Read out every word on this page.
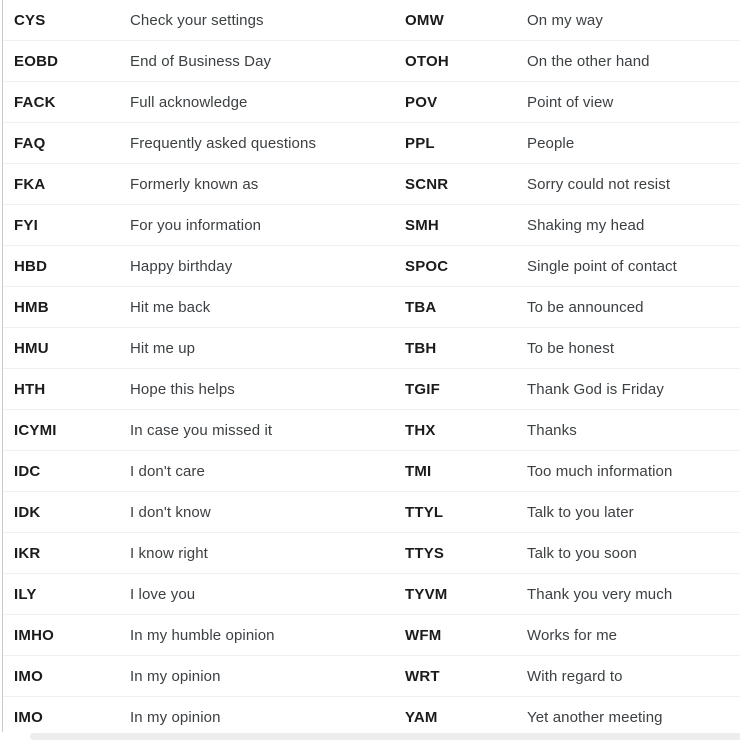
CYS	Check your settings	OMW	On my way
EOBD	End of Business Day	OTOH	On the other hand
FACK	Full acknowledge	POV	Point of view
FAQ	Frequently asked questions	PPL	People
FKA	Formerly known as	SCNR	Sorry could not resist
FYI	For you information	SMH	Shaking my head
HBD	Happy birthday	SPOC	Single point of contact
HMB	Hit me back	TBA	To be announced
HMU	Hit me up	TBH	To be honest
HTH	Hope this helps	TGIF	Thank God is Friday
ICYMI	In case you missed it	THX	Thanks
IDC	I don't care	TMI	Too much information
IDK	I don't know	TTYL	Talk to you later
IKR	I know right	TTYS	Talk to you soon
ILY	I love you	TYVM	Thank you very much
IMHO	In my humble opinion	WFM	Works for me
IMO	In my opinion	WRT	With regard to
IMO	In my opinion	YAM	Yet another meeting
